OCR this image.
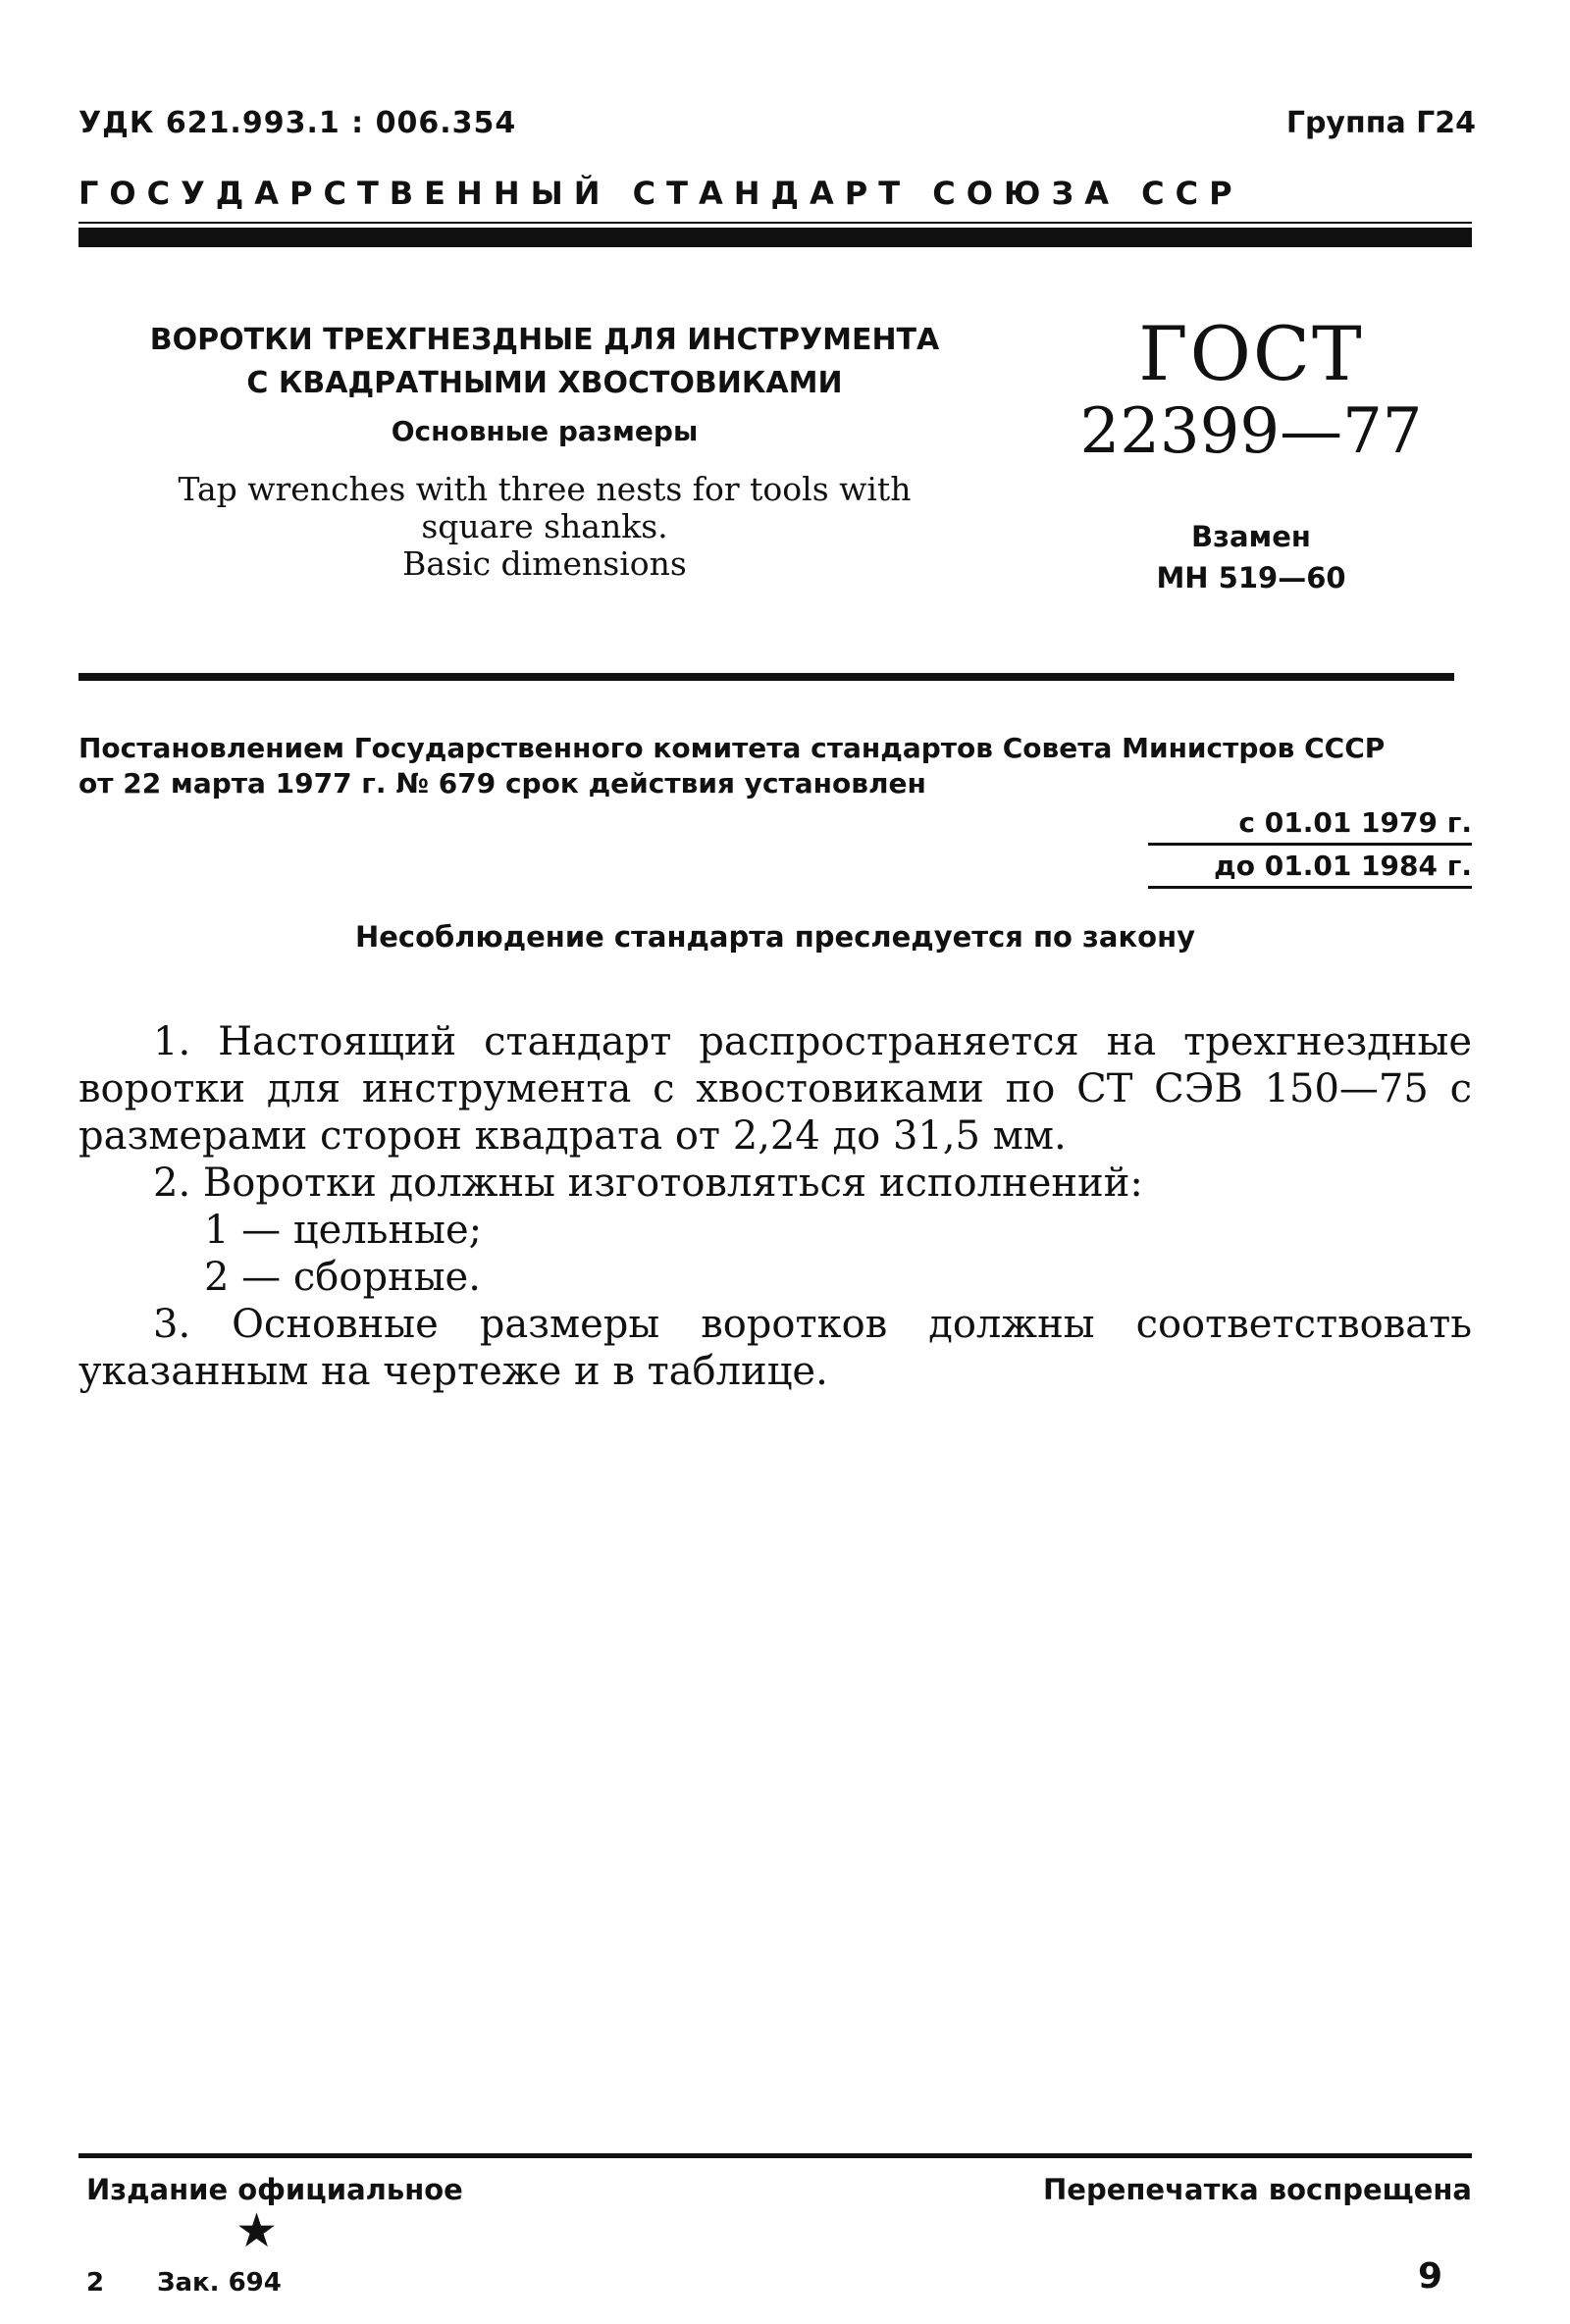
УДК 621.993.1 : 006.354	Группа Г24
ГОСУДАРСТВЕННЫЙ СТАНДАРТ СОЮЗА ССР
ВОРОТКИ ТРЕХГНЕЗДНЫЕ ДЛЯ ИНСТРУМЕНТА
С КВАДРАТНЫМИ ХВОСТОВИКАМИ
Основные размеры
Tap wrenches with three nests for tools with
square shanks.
Basic dimensions
ГОСТ
22399—77
Взамен
МН 519—60
Постановлением Государственного комитета стандартов Совета Министров СССР
от 22 марта 1977 г. № 679 срок действия установлен
с 01.01 1979 г.
до 01.01 1984 г.
Несоблюдение стандарта преследуется по закону

1. Настоящий стандарт распространяется на трехгнездные воротки для инструмента с хвостовиками по СТ СЭВ 150—75 с размерами сторон квадрата от 2,24 до 31,5 мм.

2. Воротки должны изготовляться исполнений:

1 — цельные;

2 — сборные.

3. Основные размеры воротков должны соответствовать указанным на чертеже и в таблице.

Издание официальное	Перепечатка воспрещена
★
2 Зак. 694	9
